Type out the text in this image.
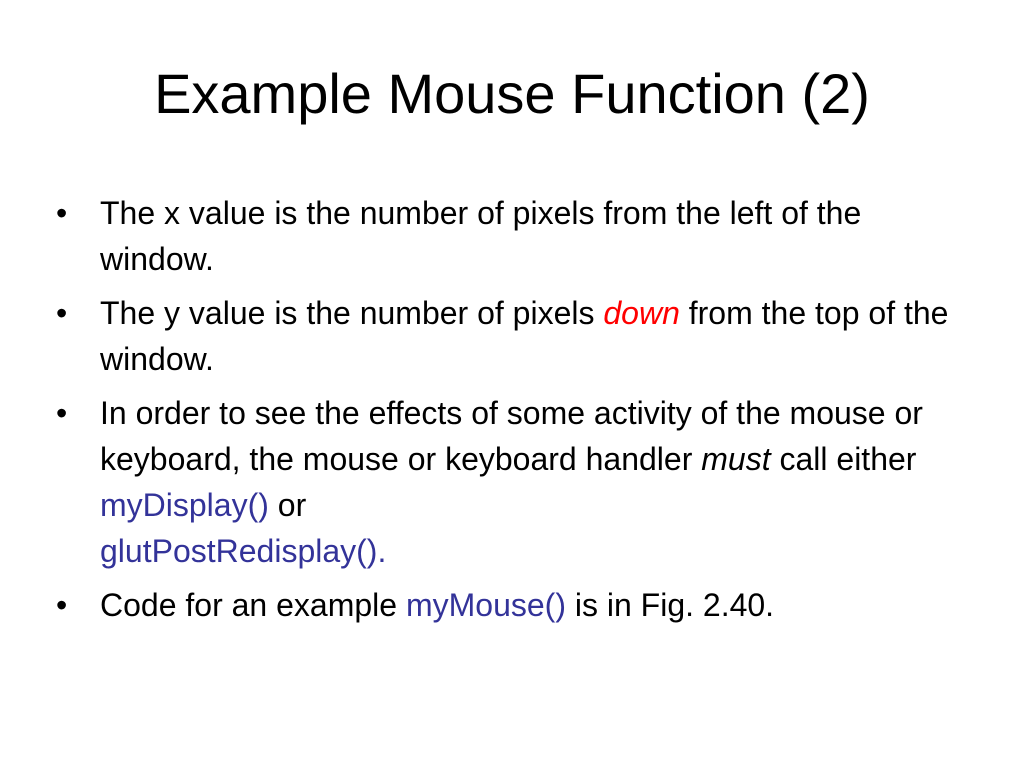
Example Mouse Function (2)
•	The x value is the number of pixels from the left of the window.
•	The y value is the number of pixels down from the top of the window.
•	In order to see the effects of some activity of the mouse or keyboard, the mouse or keyboard handler must call either myDisplay() or
glutPostRedisplay().
•	Code for an example myMouse() is in Fig. 2.40.
